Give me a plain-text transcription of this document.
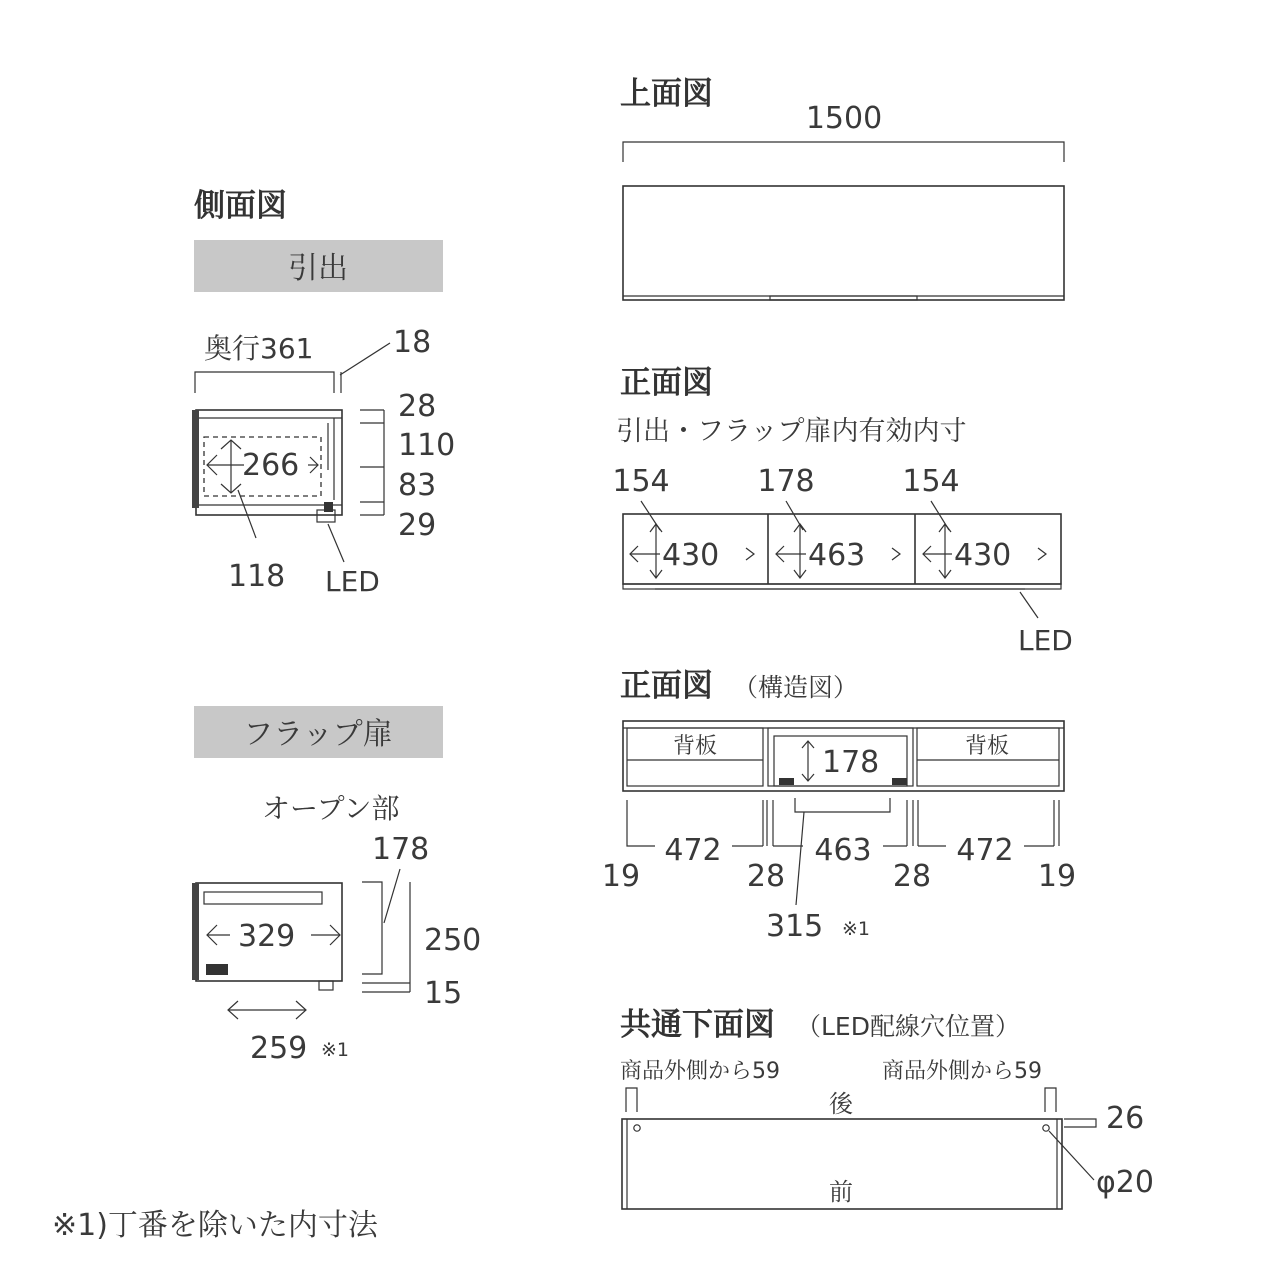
側面図
引出
奥行361	18
266
28
110
83
29
118 LED
フラップ扉
オープン部
178
329	250
15
259 ※1
上面図
1500
正面図
引出・フラップ扉内有効内寸
154	178	154
430	463	430
LED
正面図 （構造図）
背板	背板
178
472	463	472
19	28	28	19
315 ※1
共通下面図 （LED配線穴位置）
商品外側から59	商品外側から59
後
前
26
φ20
※1)丁番を除いた内寸法
